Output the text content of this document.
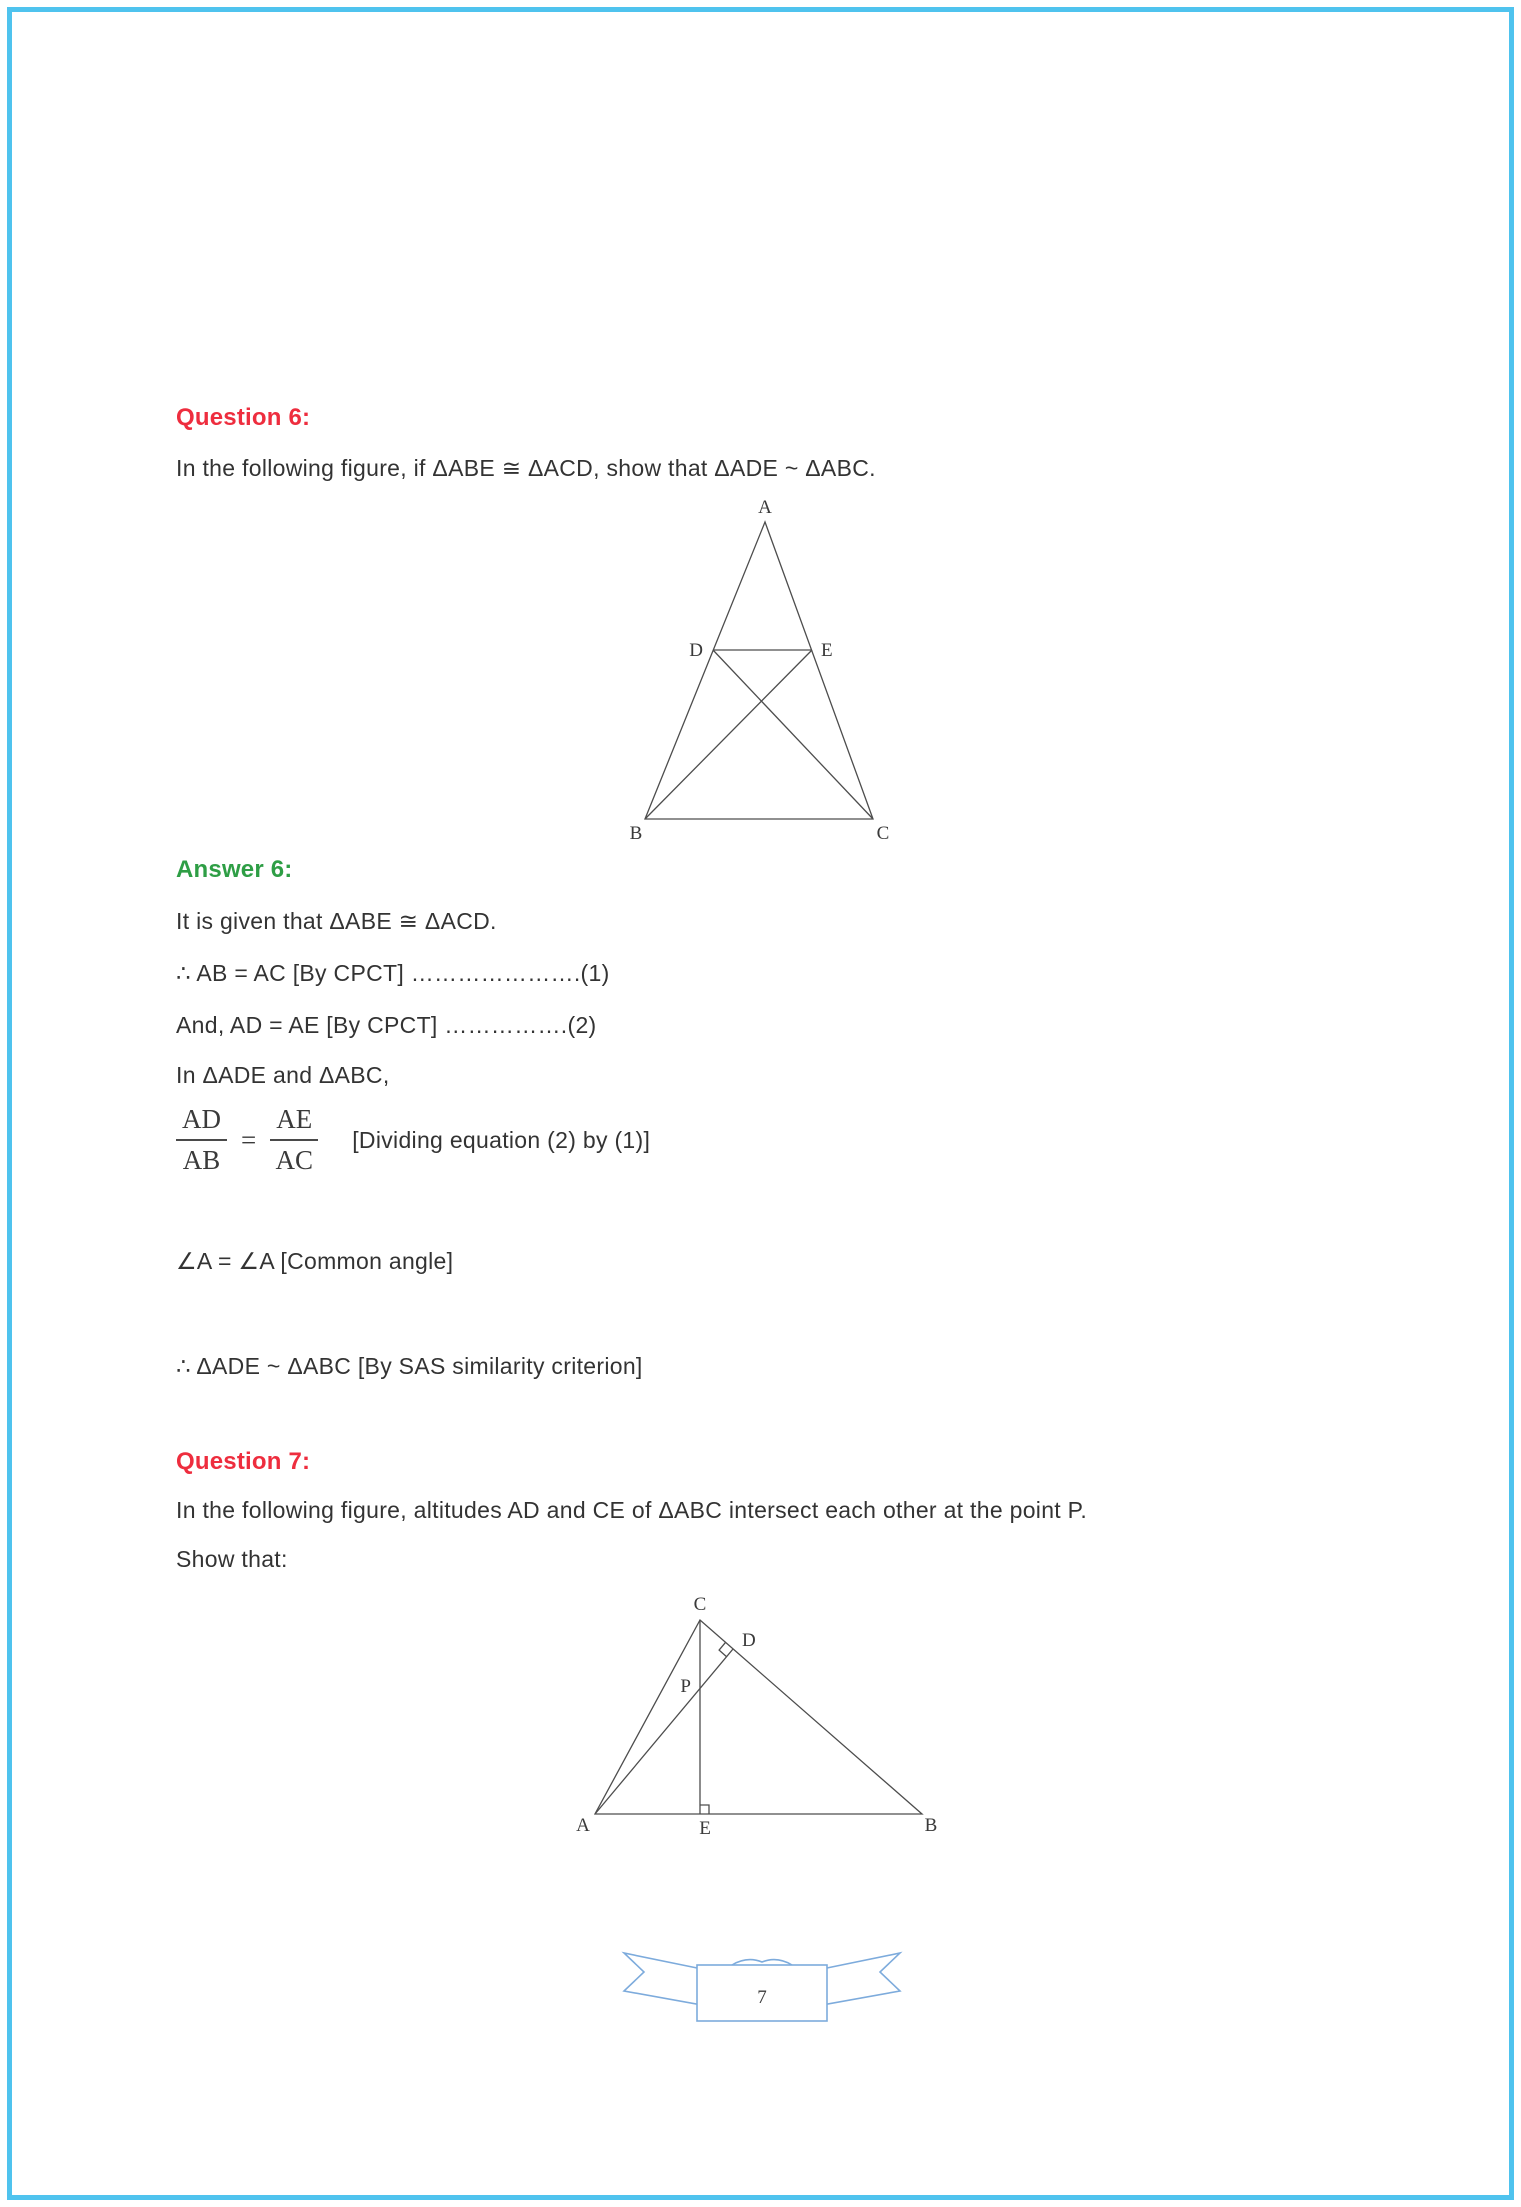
Question 6:
In the following figure, if ΔABE ≅ ΔACD, show that ΔADE ~ ΔABC.
A
D	E
B	C
Answer 6:
It is given that ΔABE ≅ ΔACD.
∴ AB = AC [By CPCT] ………………….(1)
And, AD = AE [By CPCT] …………….(2)
In ΔADE and ΔABC,
$\frac{AD}{AB} = \frac{AE}{AC}$ [Dividing equation (2) by (1)]
∠A = ∠A [Common angle]
∴ ΔADE ~ ΔABC [By SAS similarity criterion]
Question 7:
In the following figure, altitudes AD and CE of ΔABC intersect each other at the point P.
Show that:
C
D
P
A	E	B
7
